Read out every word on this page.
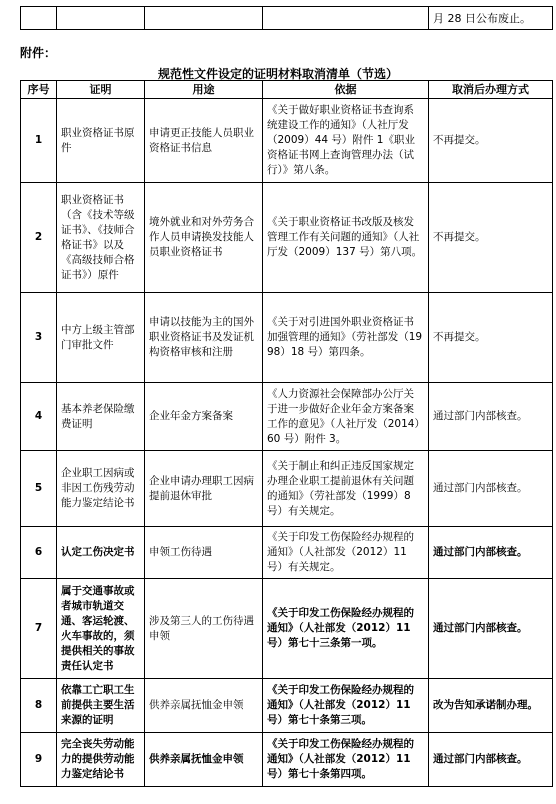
				月 28 日公布废止。
附件：
规范性文件设定的证明材料取消清单（节选）
序号	证明	用途	依据	取消后办理方式
1	职业资格证书原件	申请更正技能人员职业资格证书信息	《关于做好职业资格证书查询系统建设工作的通知》（人社厅发（2009）44 号）附件 1《职业资格证书网上查询管理办法（试行）》第八条。	不再提交。
2	职业资格证书（含《技术等级证书》、《技师合格证书》以及《高级技师合格证书》）原件	境外就业和对外劳务合作人员申请换发技能人员职业资格证书	《关于职业资格证书改版及核发管理工作有关问题的通知》（人社厅发（2009）137 号）第八项。	不再提交。
3	中方上级主管部门审批文件	申请以技能为主的国外职业资格证书及发证机构资格审核和注册	《关于对引进国外职业资格证书加强管理的通知》（劳社部发（1998）18 号）第四条。	不再提交。
4	基本养老保险缴费证明	企业年金方案备案	《人力资源社会保障部办公厅关于进一步做好企业年金方案备案工作的意见》（人社厅发（2014）60 号）附件 3。	通过部门内部核查。
5	企业职工因病或非因工伤残劳动能力鉴定结论书	企业申请办理职工因病提前退休审批	《关于制止和纠正违反国家规定办理企业职工提前退休有关问题的通知》（劳社部发（1999）8 号）有关规定。	通过部门内部核查。
6	认定工伤决定书	申领工伤待遇	《关于印发工伤保险经办规程的通知》（人社部发（2012）11 号）有关规定。	通过部门内部核查。
7	属于交通事故或者城市轨道交通、客运轮渡、火车事故的，须提供相关的事故责任认定书	涉及第三人的工伤待遇申领	《关于印发工伤保险经办规程的通知》（人社部发（2012）11 号）第七十三条第一项。	通过部门内部核查。
8	依靠工亡职工生前提供主要生活来源的证明	供养亲属抚恤金申领	《关于印发工伤保险经办规程的通知》（人社部发（2012）11 号）第七十条第三项。	改为告知承诺制办理。
9	完全丧失劳动能力的提供劳动能力鉴定结论书	供养亲属抚恤金申领	《关于印发工伤保险经办规程的通知》（人社部发（2012）11 号）第七十条第四项。	通过部门内部核查。
